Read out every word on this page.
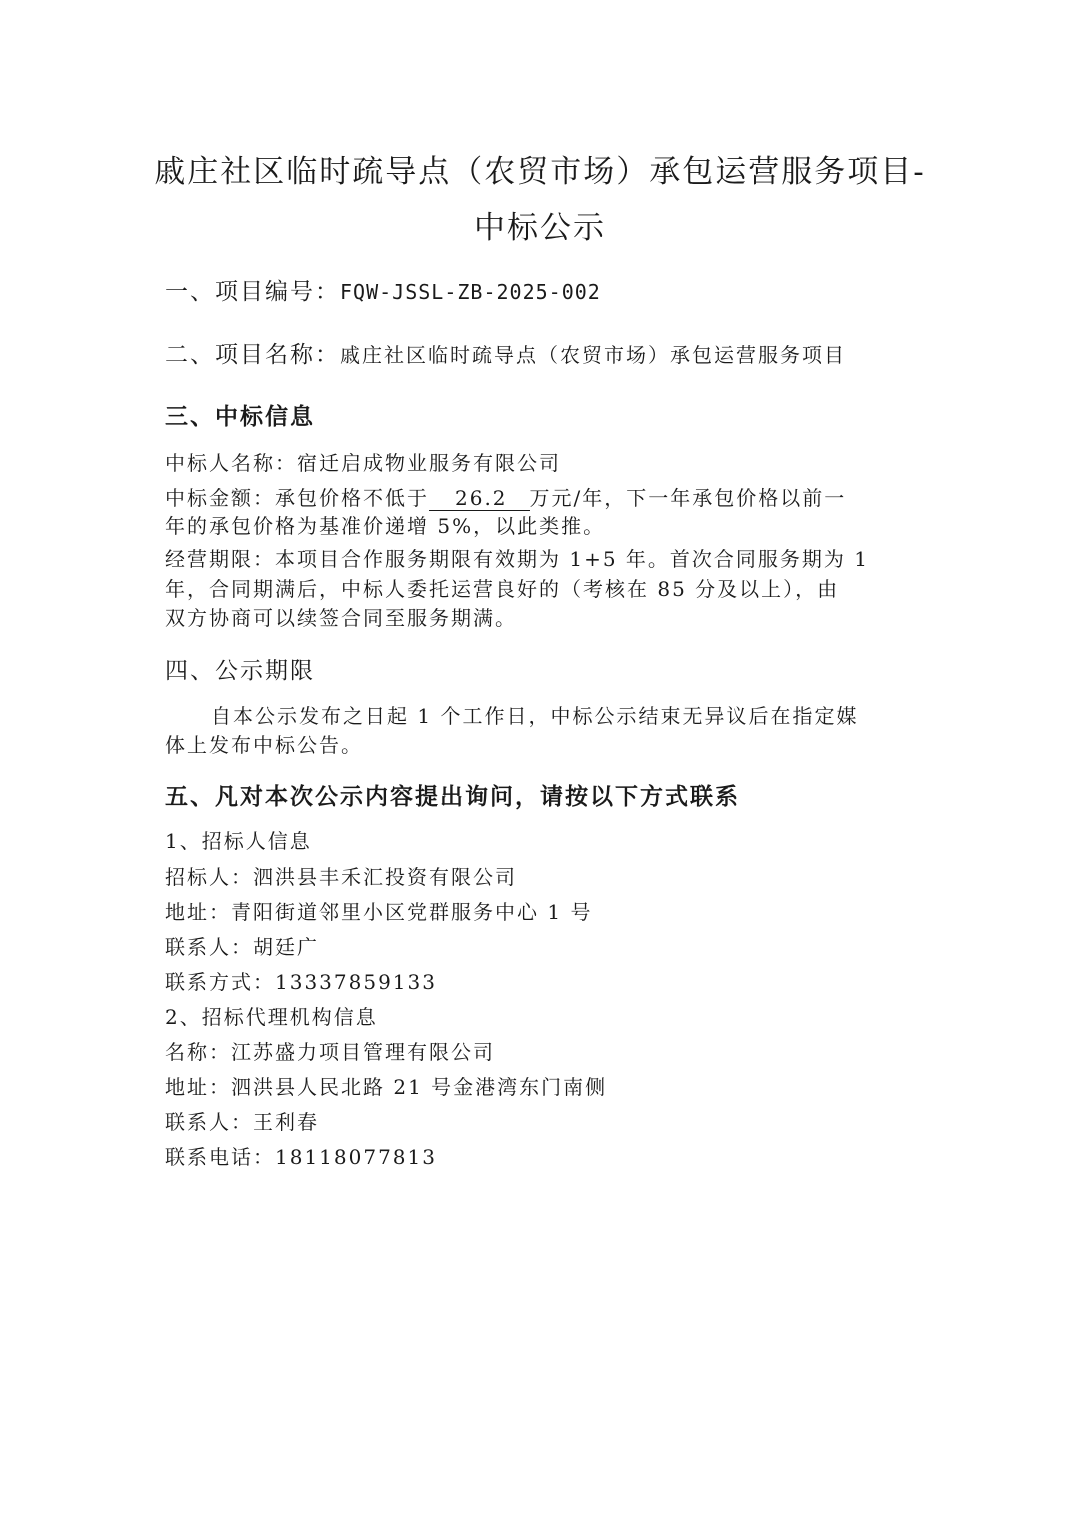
戚庄社区临时疏导点（农贸市场）承包运营服务项目-
中标公示
一、项目编号：FQW-JSSL-ZB-2025-002
二、项目名称：戚庄社区临时疏导点（农贸市场）承包运营服务项目
三、中标信息
中标人名称：宿迁启成物业服务有限公司
中标金额：承包价格不低于 26.2 万元/年，下一年承包价格以前一
年的承包价格为基准价递增 5%，以此类推。
经营期限：本项目合作服务期限有效期为 1+5 年。首次合同服务期为 1
年，合同期满后，中标人委托运营良好的（考核在 85 分及以上），由
双方协商可以续签合同至服务期满。
四、公示期限
自本公示发布之日起 1 个工作日，中标公示结束无异议后在指定媒
体上发布中标公告。
五、凡对本次公示内容提出询问，请按以下方式联系
1、招标人信息
招标人：泗洪县丰禾汇投资有限公司
地址：青阳街道邻里小区党群服务中心 1 号
联系人：胡廷广
联系方式：13337859133
2、招标代理机构信息
名称：江苏盛力项目管理有限公司
地址：泗洪县人民北路 21 号金港湾东门南侧
联系人：王利春
联系电话：18118077813
